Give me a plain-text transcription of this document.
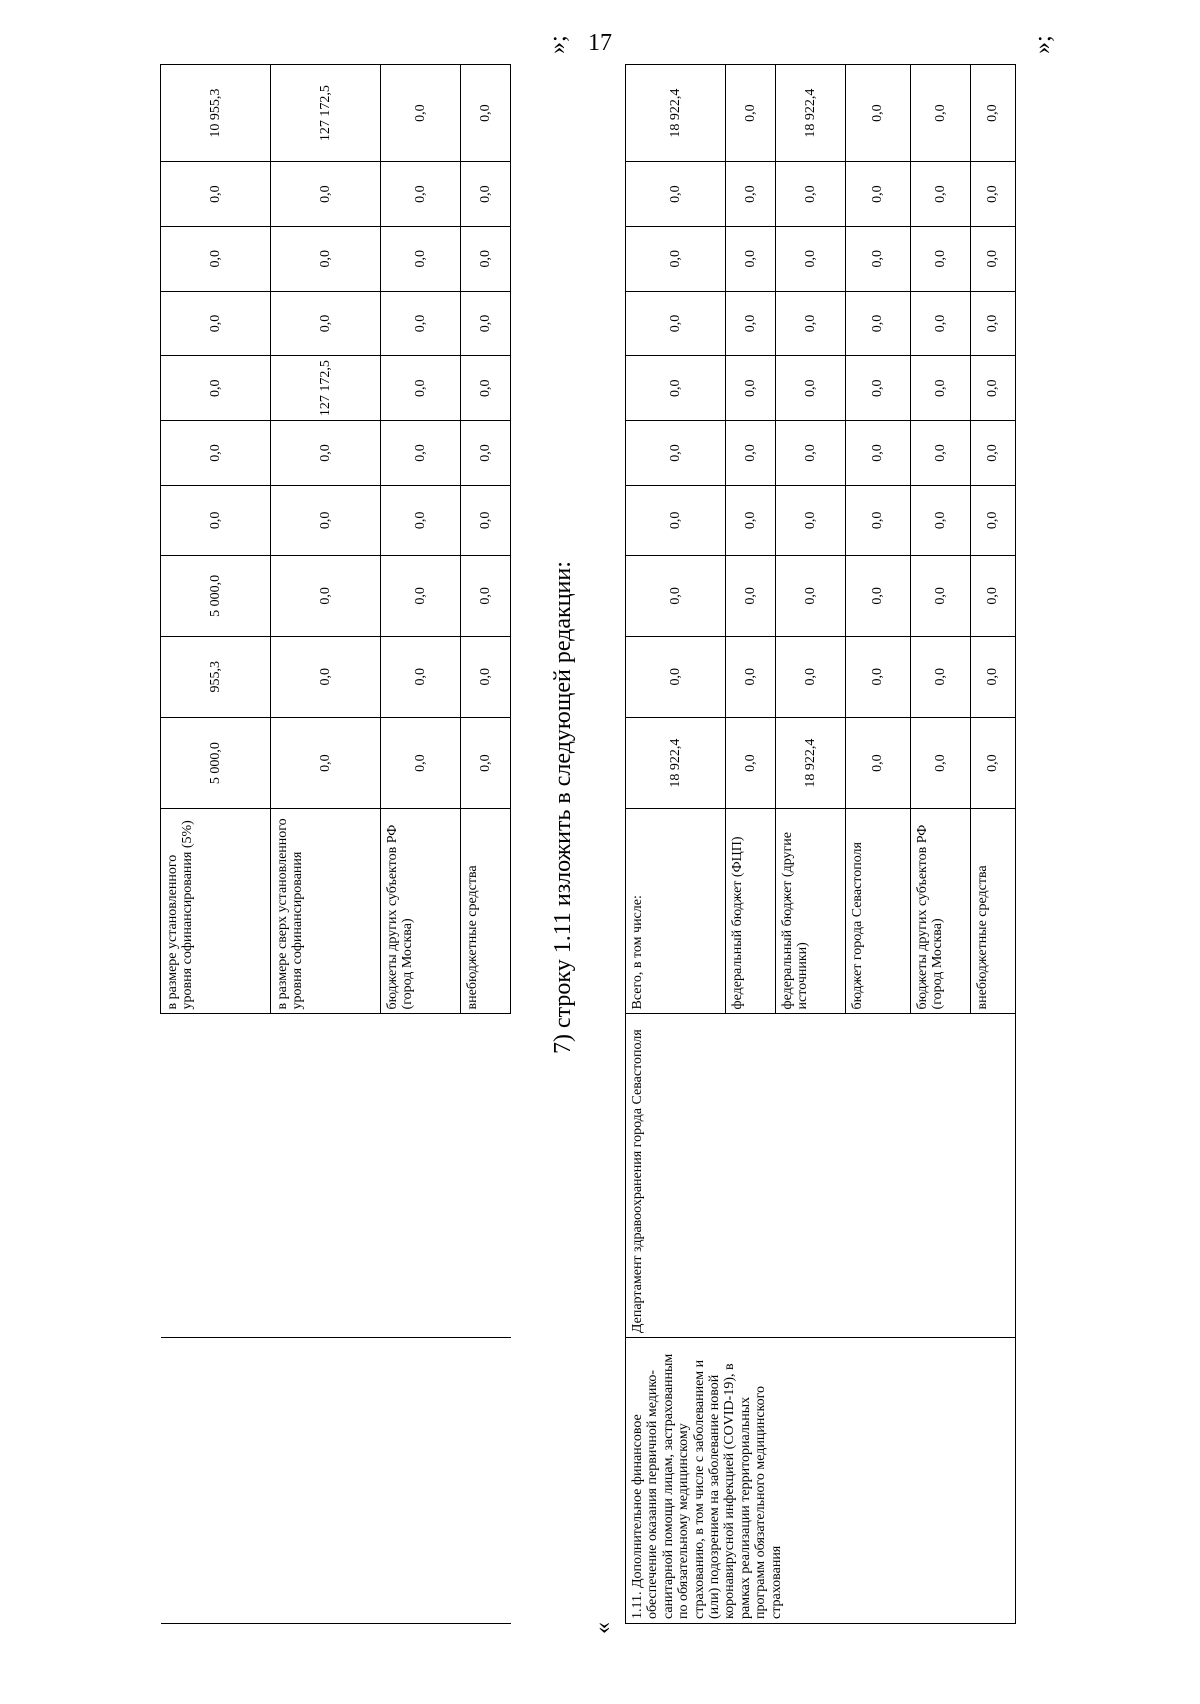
17
		в размере установленного уровня софинансирования (5%)	5 000,0	955,3	5 000,0	0,0	0,0	0,0	0,0	0,0	0,0	10 955,3
		в размере сверх установленного уровня софинансирования	0,0	0,0	0,0	0,0	0,0	127 172,5	0,0	0,0	0,0	127 172,5
		бюджеты других субъектов РФ (город Москва)	0,0	0,0	0,0	0,0	0,0	0,0	0,0	0,0	0,0	0,0
		внебюджетные средства	0,0	0,0	0,0	0,0	0,0	0,0	0,0	0,0	0,0	0,0
»;
7) строку 1.11 изложить в следующей редакции:
«
1.11. Дополнительное финансовое обеспечение оказания первичной медико-санитарной помощи лицам, застрахованным по обязательному медицинскому страхованию, в том числе с заболеванием и (или) подозрением на заболевание новой коронавирусной инфекцией (COVID-19), в рамках реализации территориальных программ обязательного медицинского страхования	Департамент здравоохранения города Севастополя	Всего, в том числе:	18 922,4	0,0	0,0	0,0	0,0	0,0	0,0	0,0	0,0	18 922,4
		федеральный бюджет (ФЦП)	0,0	0,0	0,0	0,0	0,0	0,0	0,0	0,0	0,0	0,0
		федеральный бюджет (другие источники)	18 922,4	0,0	0,0	0,0	0,0	0,0	0,0	0,0	0,0	18 922,4
		бюджет города Севастополя	0,0	0,0	0,0	0,0	0,0	0,0	0,0	0,0	0,0	0,0
		бюджеты других субъектов РФ (город Москва)	0,0	0,0	0,0	0,0	0,0	0,0	0,0	0,0	0,0	0,0
		внебюджетные средства	0,0	0,0	0,0	0,0	0,0	0,0	0,0	0,0	0,0	0,0
»;
